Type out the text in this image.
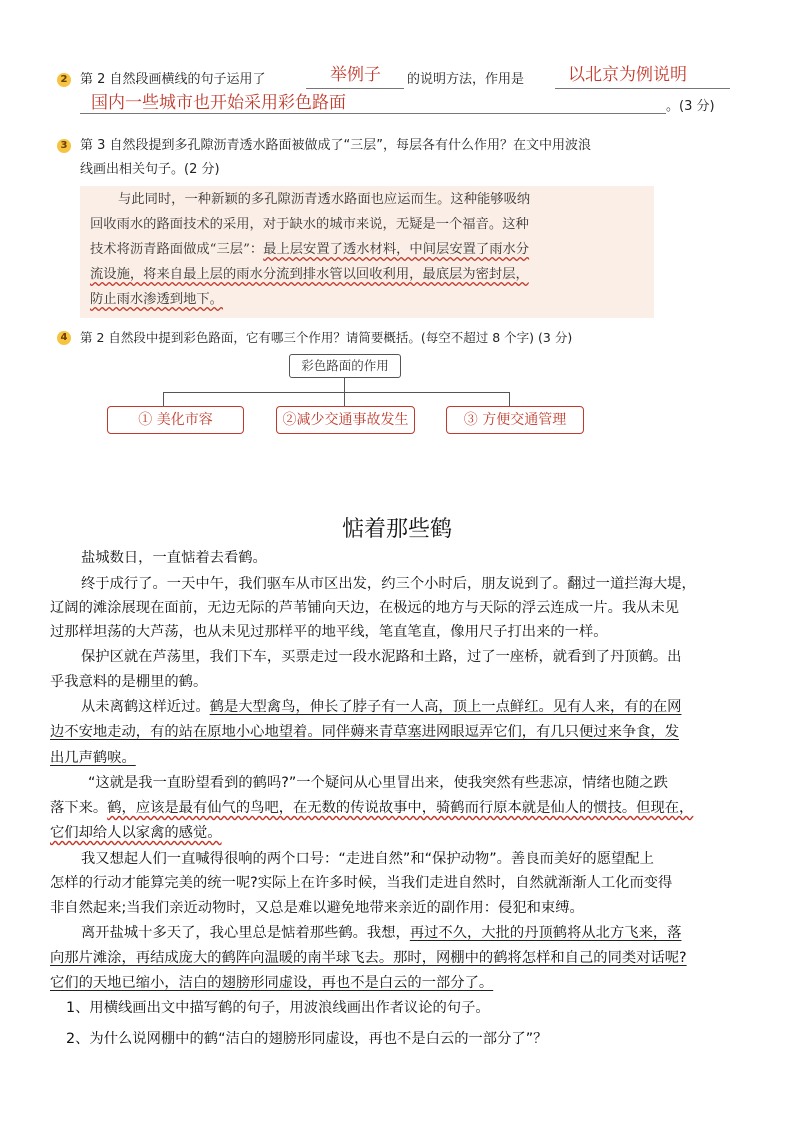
2 第 2 自然段画横线的句子运用了	举例子 的说明方法，作用是	以北京为例说明
国内一些城市也开始采用彩色路面	。(3 分)
3 第 3 自然段提到多孔隙沥青透水路面被做成了“三层”，每层各有什么作用？在文中用波浪
线画出相关句子。(2 分)
与此同时，一种新颖的多孔隙沥青透水路面也应运而生。这种能够吸纳
回收雨水的路面技术的采用，对于缺水的城市来说，无疑是一个福音。这种
技术将沥青路面做成“三层”：最上层安置了透水材料，中间层安置了雨水分
流设施，将来自最上层的雨水分流到排水管以回收利用，最底层为密封层，
防止雨水渗透到地下。
4 第 2 自然段中提到彩色路面，它有哪三个作用？请简要概括。(每空不超过 8 个字) (3 分)
彩色路面的作用
① 美化市容	②减少交通事故发生	③ 方便交通管理
惦着那些鹤
盐城数日，一直惦着去看鹤。
终于成行了。一天中午，我们驱车从市区出发，约三个小时后，朋友说到了。翻过一道拦海大堤，
辽阔的滩涂展现在面前，无边无际的芦苇铺向天边，在极远的地方与天际的浮云连成一片。我从未见
过那样坦荡的大芦荡，也从未见过那样平的地平线，笔直笔直，像用尺子打出来的一样。
保护区就在芦荡里，我们下车，买票走过一段水泥路和土路，过了一座桥，就看到了丹顶鹤。出
乎我意料的是棚里的鹤。
从未离鹤这样近过。鹤是大型禽鸟，伸长了脖子有一人高，顶上一点鲜红。见有人来，有的在网
边不安地走动，有的站在原地小心地望着。同伴薅来青草塞进网眼逗弄它们，有几只便过来争食，发
出几声鹤唳。
“这就是我一直盼望看到的鹤吗?”一个疑问从心里冒出来，使我突然有些悲凉，情绪也随之跌
落下来。鹤，应该是最有仙气的鸟吧，在无数的传说故事中，骑鹤而行原本就是仙人的惯技。但现在，
它们却给人以家禽的感觉。
我又想起人们一直喊得很响的两个口号：“走进自然”和“保护动物”。善良而美好的愿望配上
怎样的行动才能算完美的统一呢?实际上在许多时候，当我们走进自然时，自然就渐渐人工化而变得
非自然起来;当我们亲近动物时，又总是难以避免地带来亲近的副作用：侵犯和束缚。
离开盐城十多天了，我心里总是惦着那些鹤。我想，再过不久，大批的丹顶鹤将从北方飞来，落
向那片滩涂，再结成庞大的鹤阵向温暖的南半球飞去。那时，网棚中的鹤将怎样和自己的同类对话呢?
它们的天地已缩小，洁白的翅膀形同虚设，再也不是白云的一部分了。
1、用横线画出文中描写鹤的句子，用波浪线画出作者议论的句子。
2、为什么说网棚中的鹤“洁白的翅膀形同虚设，再也不是白云的一部分了”？
